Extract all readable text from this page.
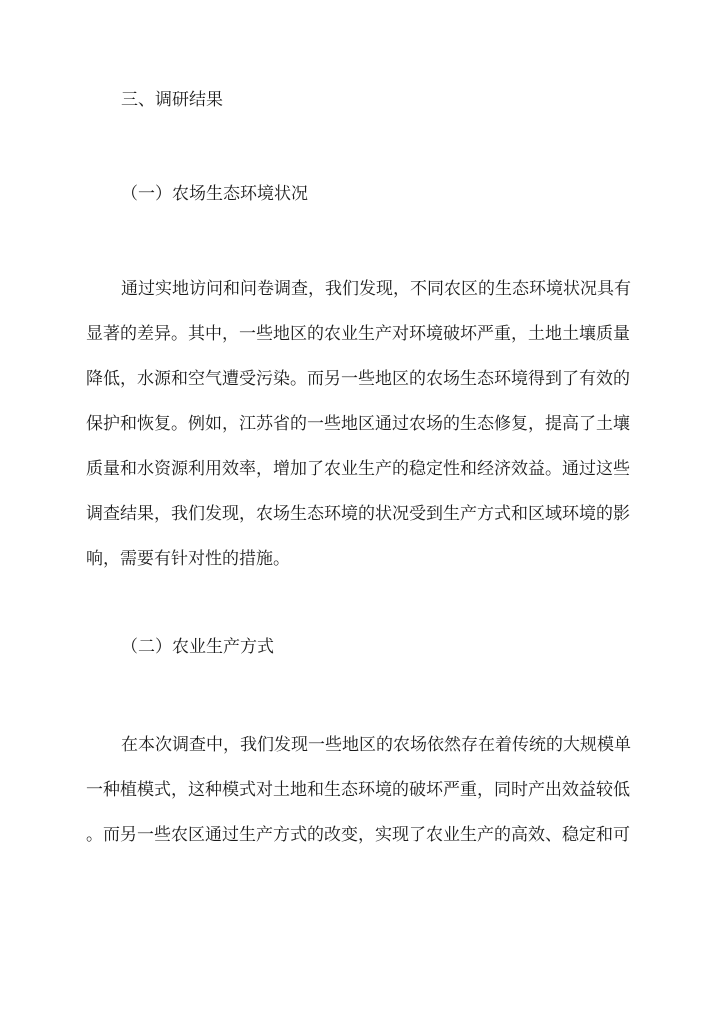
三、调研结果
（一）农场生态环境状况
通过实地访问和问卷调查，我们发现，不同农区的生态环境状况具有
显著的差异。其中，一些地区的农业生产对环境破坏严重，土地土壤质量
降低，水源和空气遭受污染。而另一些地区的农场生态环境得到了有效的
保护和恢复。例如，江苏省的一些地区通过农场的生态修复，提高了土壤
质量和水资源利用效率，增加了农业生产的稳定性和经济效益。通过这些
调查结果，我们发现，农场生态环境的状况受到生产方式和区域环境的影
响，需要有针对性的措施。
（二）农业生产方式
在本次调查中，我们发现一些地区的农场依然存在着传统的大规模单
一种植模式，这种模式对土地和生态环境的破坏严重，同时产出效益较低
。而另一些农区通过生产方式的改变，实现了农业生产的高效、稳定和可
